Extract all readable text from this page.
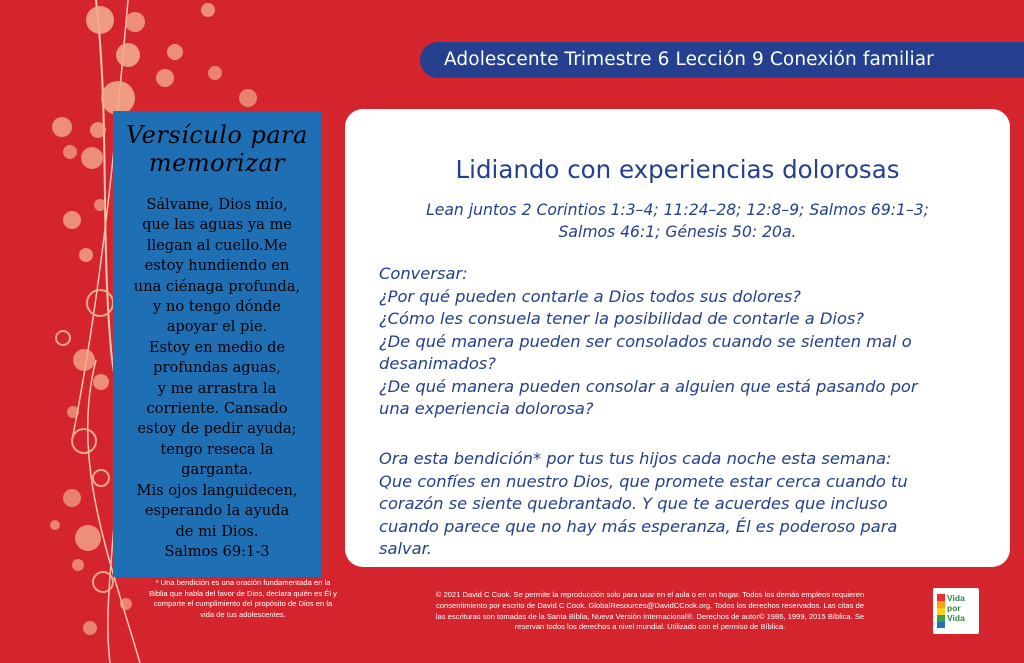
Adolescente Trimestre 6 Lección 9 Conexión familiar
Versículo para
memorizar
Sálvame, Dios mío,
que las aguas ya me
llegan al cuello.Me
estoy hundiendo en
una ciénaga profunda,
y no tengo dónde
apoyar el pie.
Estoy en medio de
profundas aguas,
y me arrastra la
corriente. Cansado
estoy de pedir ayuda;
tengo reseca la
garganta.
Mis ojos languidecen,
esperando la ayuda
de mi Dios.
Salmos 69:1-3
* Una bendición es una oración fundamentada en la
Biblia que habla del favor de Dios, declara quién es Él y
comparte el cumplimiento del propósito de Dios en la
vida de tus adolescentes.
Lidiando con experiencias dolorosas
Lean juntos 2 Corintios 1:3–4; 11:24–28; 12:8–9; Salmos 69:1–3;
Salmos 46:1; Génesis 50: 20a.
Conversar:
¿Por qué pueden contarle a Dios todos sus dolores?
¿Cómo les consuela tener la posibilidad de contarle a Dios?
¿De qué manera pueden ser consolados cuando se sienten mal o
desanimados?
¿De qué manera pueden consolar a alguien que está pasando por
una experiencia dolorosa?
Ora esta bendición* por tus tus hijos cada noche esta semana:
Que confíes en nuestro Dios, que promete estar cerca cuando tu
corazón se siente quebrantado. Y que te acuerdes que incluso
cuando parece que no hay más esperanza, Él es poderoso para
salvar.
© 2021 David C Cook. Se permite la reproducción solo para usar en el aula o en un hogar. Todos los demás empleos requieren
consentimiento por escrito de David C Cook. GlobalResources@DavidCCook.org. Todos los derechos reservados. Las citas de
las escrituras son tomadas de la Santa Biblia, Nueva Versión Internacional®. Derechos de autor© 1986, 1999, 2015 Bíblica. Se
reservan todos los derechos a nivel mundial. Utilizado con el permiso de Bíblica.
Vida
por
Vida
